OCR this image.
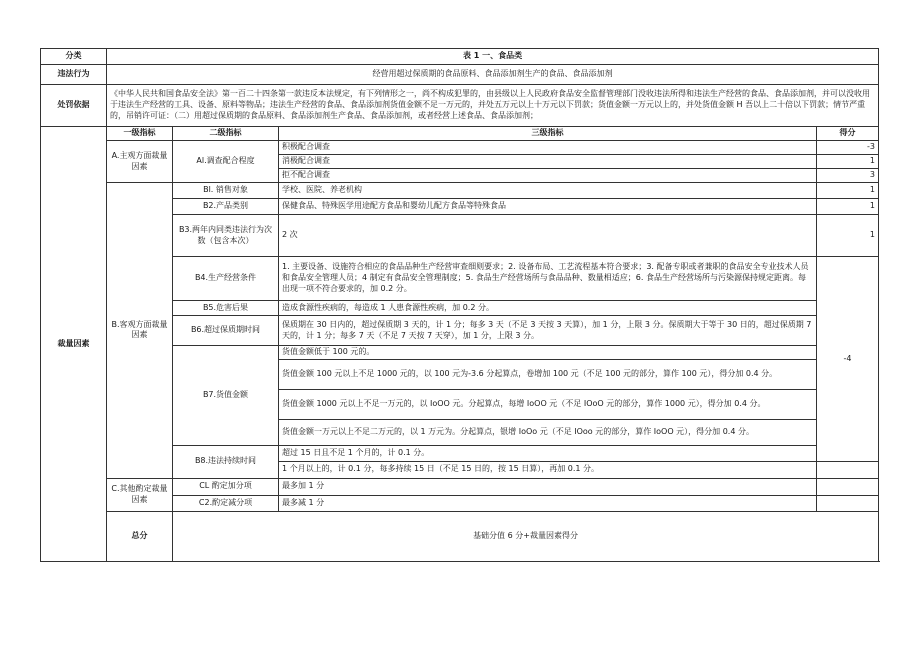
分类	表 1 一、食品类			
违法行为	经营用超过保质期的食品原料、食品添加剂生产的食品、食品添加剂			
处罚依据	《中华人民共和国食品安全法》第一百二十四条第一款违反本法规定，有下列情形之一，尚不构成犯罪的，由县级以上人民政府食品安全监督管理部门没收违法所得和违法生产经营的食品、食品添加剂，并可以没收用于违法生产经营的工具、设备、原料等物品；违法生产经营的食品、食品添加剂货值金额不足一万元的，并处五万元以上十万元以下罚款；货值金额一万元以上的，并处货值金额 H 吾以上二十倍以下罚款；情节严重的，吊销许可证：（二）用超过保质期的食品原料、食品添加剂生产食品、食品添加剂，或者经营上述食品、食品添加剂；			
裁量因素	一级指标	二级指标	三级指标	得分
	A.主观方面裁量因素	Al.调查配合程度	积极配合调查	-3
			消极配合调查	1
			拒不配合调查	3
	B.客观方面裁量因素	Bl. 销售对象	学校、医院、养老机构	1
		B2.产品类别	保健食品、特殊医学用途配方食品和婴幼儿配方食品等特殊食品	1
		B3.两年内同类违法行为次数（包含本次）	2 次	1
		B4.生产经营条件	1. 主要设备、设施符合相应的食品品种生产经营审查细则要求；2. 设备布局、工艺流程基本符合要求；3. 配备专职或者兼职的食品安全专业技术人员和食品安全管理人员；4 制定有食品安全管理制度；5. 食品生产经营场所与食品品种、数量相适应；6. 食品生产经营场所与污染源保持规定距离。每出现一项不符合要求的，加 0.2 分。	-4
		B5.危害后果	造成食源性疾病的，每造成 1 人患食源性疾病，加 0.2 分。	
		B6.超过保质期时间	保质期在 30 日内的，超过保质期 3 天的，计 1 分；每多 3 天（不足 3 天按 3 天算），加 1 分，上限 3 分。保质期大于等于 30 日的，超过保质期 7 天的，计 1 分；每多 7 天（不足 7 天按 7 天穿），加 1 分，上限 3 分。	
		B7.货值金额	货值金额低于 100 元的。	
			货值金额 100 元以上不足 1000 元的，以 100 元为-3.6 分起算点，卷增加 100 元（不足 100 元的部分，算作 100 元），得分加 0.4 分。	
			货值金额 1000 元以上不足一万元的，以 IoOO 元。分起算点，每增 IoOO 元（不足 IOoO 元的部分，算作 1000 元），得分加 0.4 分。	
			货值金额一万元以上不足二万元的，以 1 万元为。分起算点，银增 IoOo 元（不足 IOoo 元的部分，算作 IoOO 元），得分加 0.4 分。	
		B8.违法持续时间	超过 15 日且不足 1 个月的，计 0.1 分。	
			1 个月以上的，计 0.1 分，每多持续 15 日（不足 15 日的，按 15 日算），再加 0.1 分。	
	C.其他酌定裁量因素	CL 酌定加分项	最多加 1 分	
		C2.酌定减分项	最多减 1 分	
	总分	基础分值 6 分+裁量因素得分		
